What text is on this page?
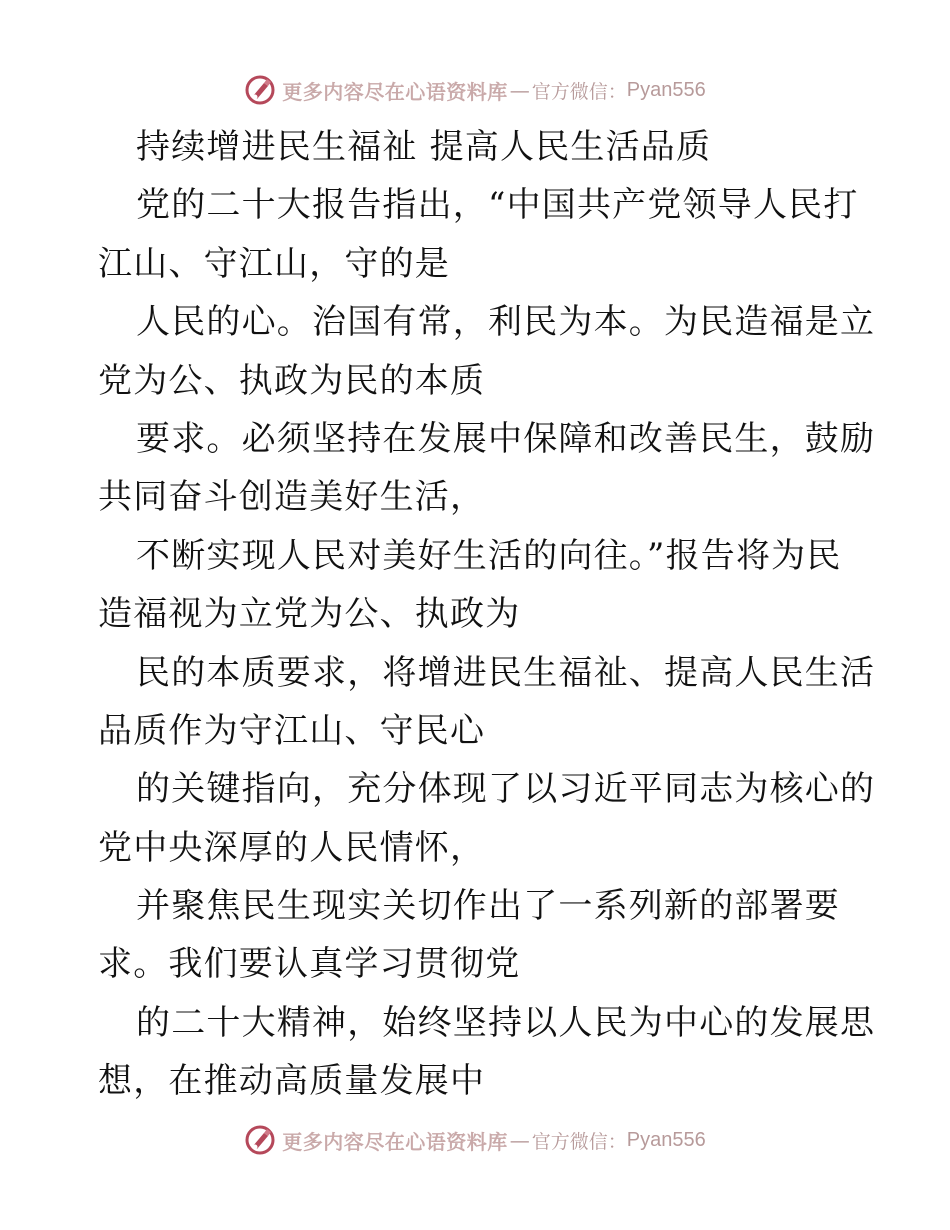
更多内容尽在心语资料库 — 官方微信： Pyan556
持续增进民生福祉 提高人民生活品质
党的二十大报告指出，“中国共产党领导人民打
江山、守江山，守的是
人民的心。治国有常，利民为本。为民造福是立
党为公、执政为民的本质
要求。必须坚持在发展中保障和改善民生，鼓励
共同奋斗创造美好生活，
不断实现人民对美好生活的向往。”报告将为民
造福视为立党为公、执政为
民的本质要求，将增进民生福祉、提高人民生活
品质作为守江山、守民心
的关键指向，充分体现了以习近平同志为核心的
党中央深厚的人民情怀，
并聚焦民生现实关切作出了一系列新的部署要
求。我们要认真学习贯彻党
的二十大精神，始终坚持以人民为中心的发展思
想，在推动高质量发展中
更多内容尽在心语资料库 — 官方微信： Pyan556
